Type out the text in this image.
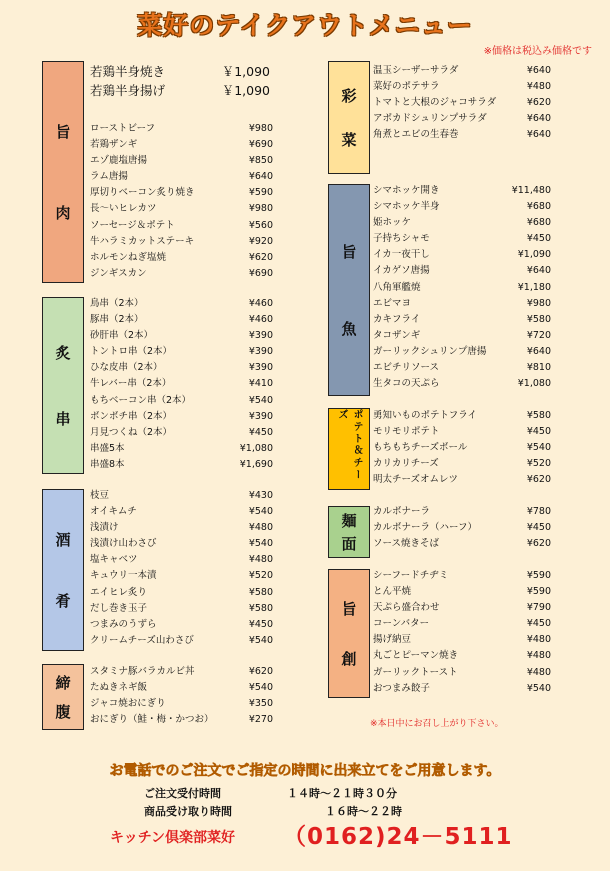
菜好のテイクアウトメニュー
※価格は税込み価格です
旨
肉
炙
串
酒
肴
締
腹
彩
菜
旨
魚
ポテト＆チーズ
麺
面
旨
創
若鶏半身焼き	￥1,090
若鶏半身揚げ	￥1,090
ローストビーフ	¥980
若鶏ザンギ	¥690
エゾ鹿塩唐揚	¥850
ラム唐揚	¥640
厚切りベーコン炙り焼き	¥590
長～いヒレカツ	¥980
ソーセージ＆ポテト	¥560
牛ハラミカットステーキ	¥920
ホルモンねぎ塩焼	¥620
ジンギスカン	¥690
鳥串（2本）	¥460
豚串（2本）	¥460
砂肝串（2本）	¥390
トントロ串（2本）	¥390
ひな皮串（2本）	¥390
牛レバー串（2本）	¥410
もちベーコン串（2本）	¥540
ボンボチ串（2本）	¥390
月見つくね（2本）	¥450
串盛5本	¥1,080
串盛8本	¥1,690
枝豆	¥430
オイキムチ	¥540
浅漬け	¥480
浅漬け山わさび	¥540
塩キャベツ	¥480
キュウリ一本漬	¥520
エイヒレ炙り	¥580
だし巻き玉子	¥580
つまみのうずら	¥450
クリームチーズ山わさび	¥540
スタミナ豚バラカルビ丼	¥620
たぬきネギ飯	¥540
ジャコ焼おにぎり	¥350
おにぎり（鮭・梅・かつお）	¥270
温玉シーザーサラダ	¥640
菜好のポテサラ	¥480
トマトと大根のジャコサラダ	¥620
アボカドシュリンプサラダ	¥640
角煮とエビの生春巻	¥640
シマホッケ開き	¥11,480
シマホッケ半身	¥680
姫ホッケ	¥680
子持ちシャモ	¥450
イカ一夜干し	¥1,090
イカゲソ唐揚	¥640
八角軍艦焼	¥1,180
エビマヨ	¥980
カキフライ	¥580
タコザンギ	¥720
ガーリックシュリンプ唐揚	¥640
エビチリソース	¥810
生タコの天ぷら	¥1,080
勇知いものポテトフライ	¥580
モリモリポテト	¥450
もちもちチーズボール	¥540
カリカリチーズ	¥520
明太チーズオムレツ	¥620
カルボナーラ	¥780
カルボナーラ（ハーフ）	¥450
ソース焼きそば	¥620
シーフードチヂミ	¥590
とん平焼	¥590
天ぷら盛合わせ	¥790
コーンバター	¥450
揚げ納豆	¥480
丸ごとピーマン焼き	¥480
ガーリックトースト	¥480
おつまみ餃子	¥540
※本日中にお召し上がり下さい。
お電話でのご注文でご指定の時間に出来立てをご用意します。
ご注文受付時間	１４時～２１時３０分
商品受け取り時間	１６時～２２時
キッチン倶楽部菜好 （0162)24－5111
